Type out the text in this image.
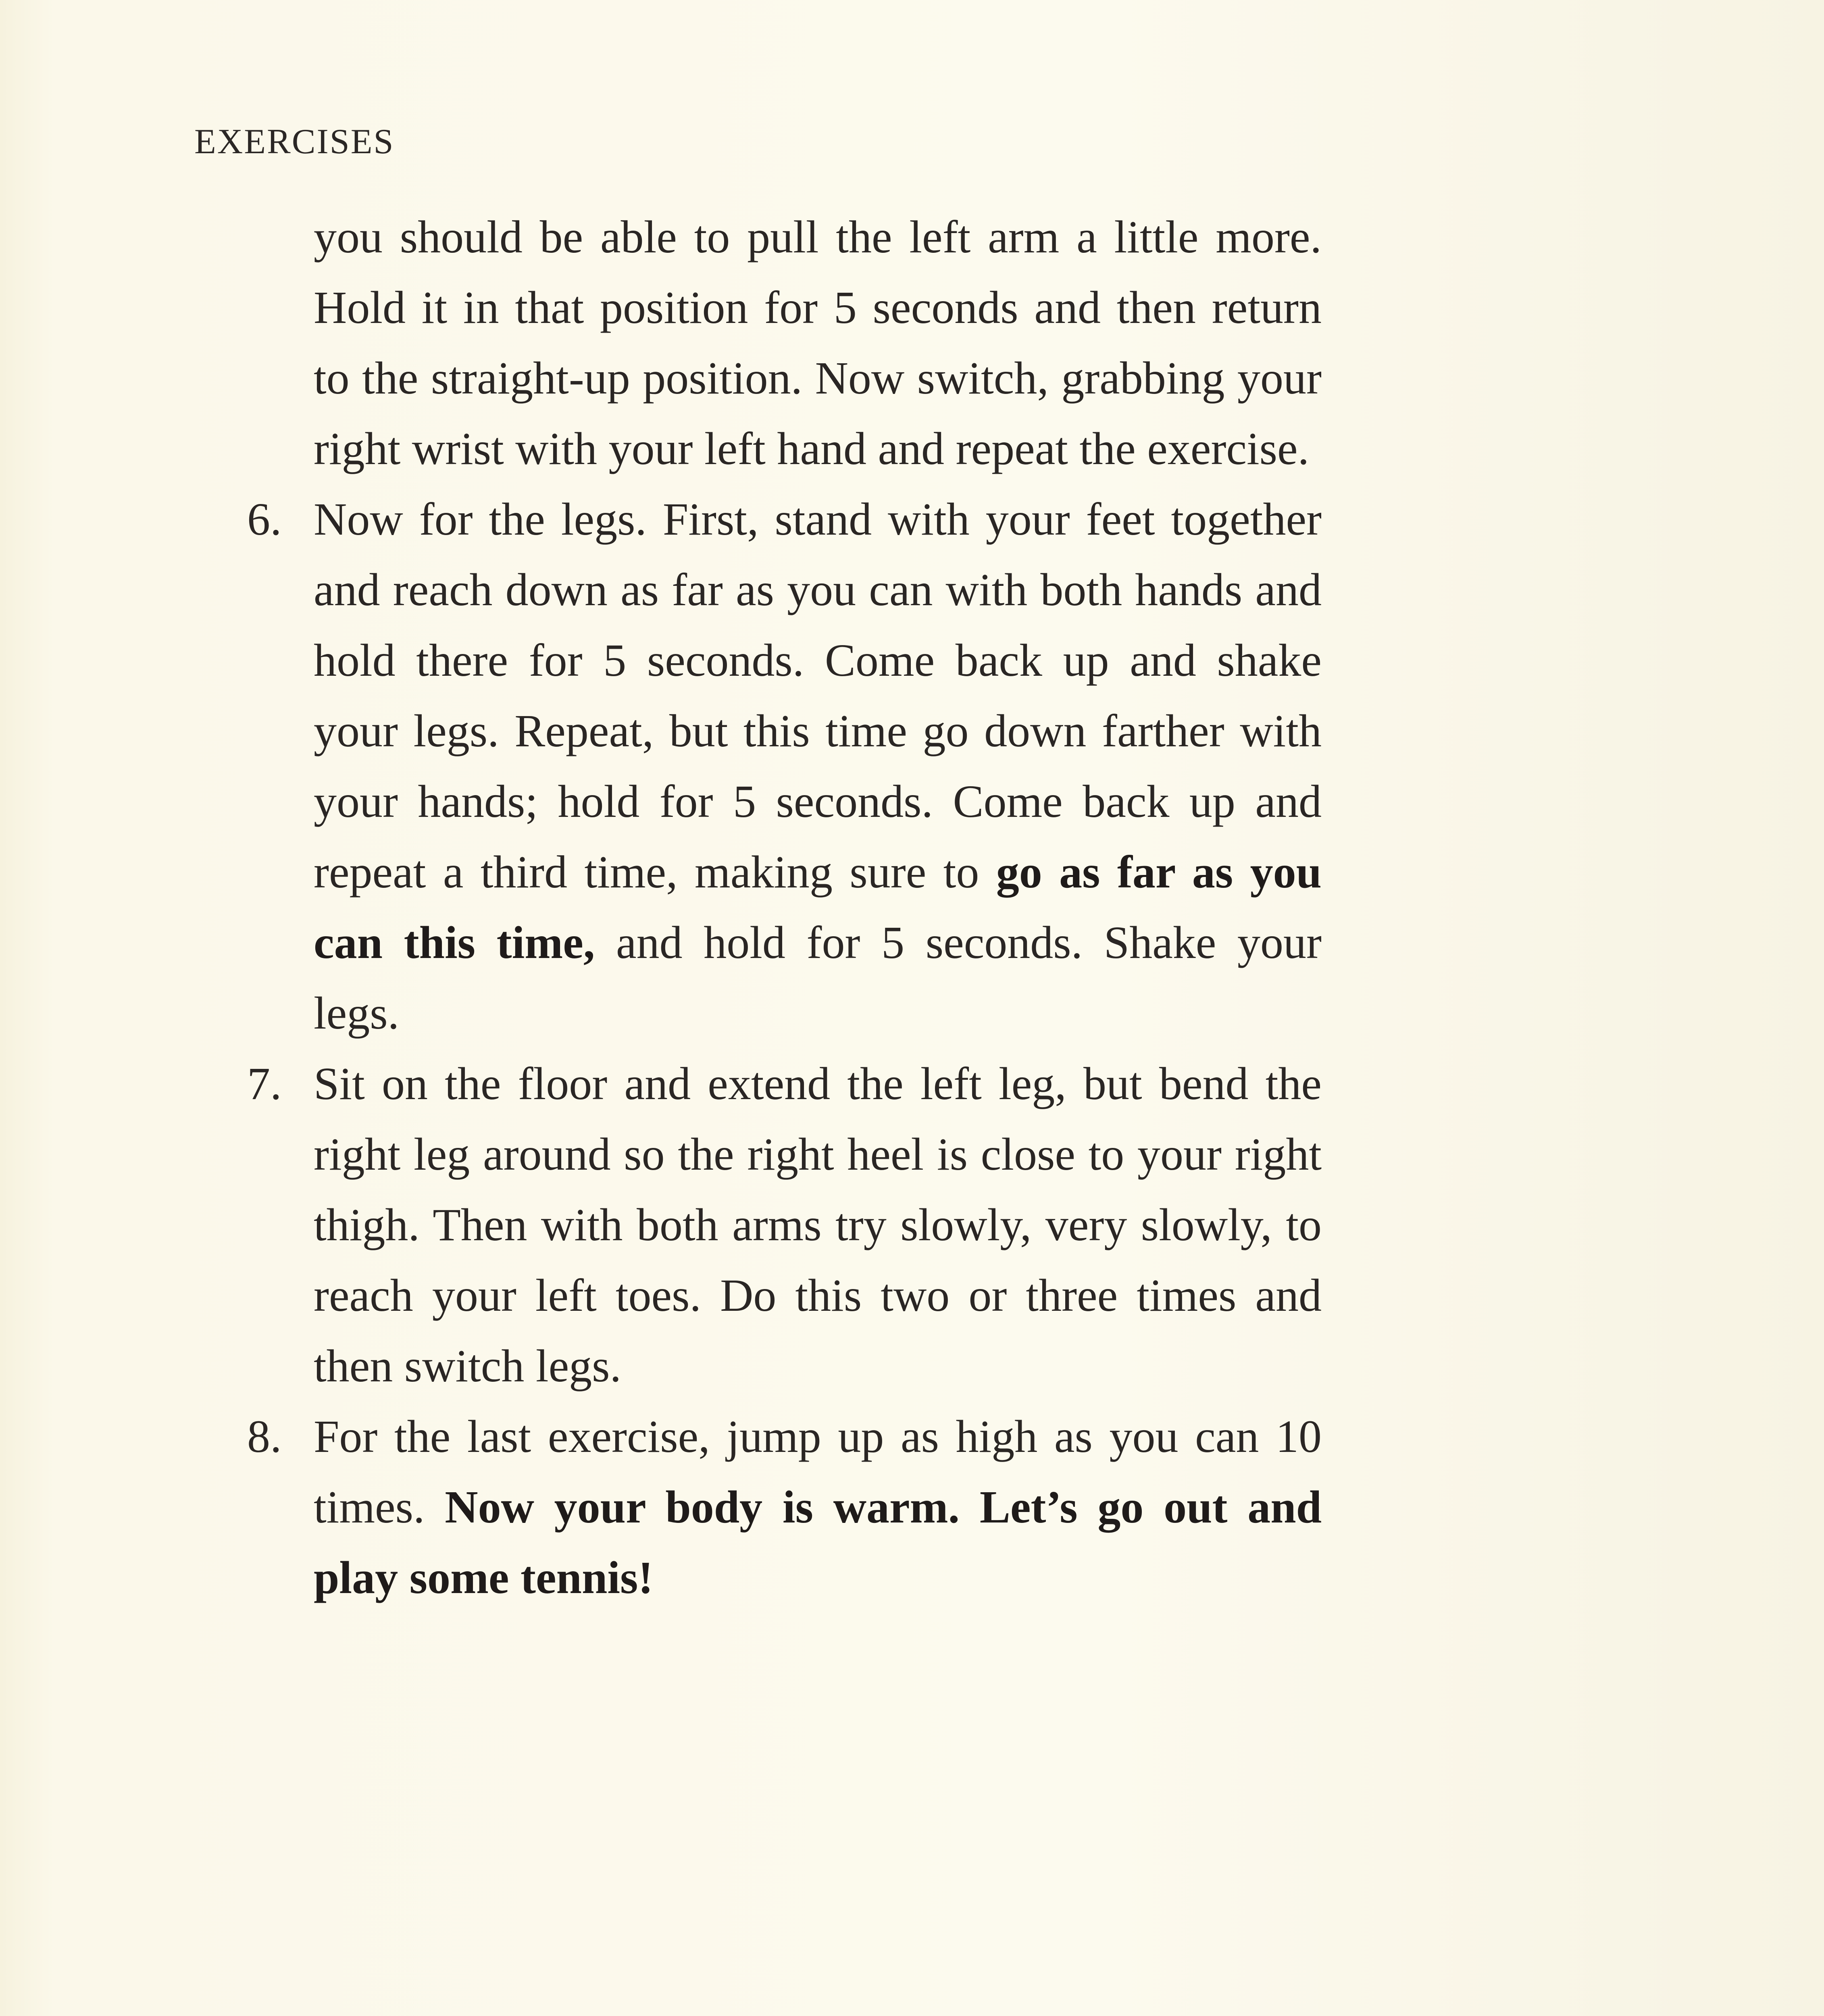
EXERCISES

you should be able to pull the left arm a little more. Hold it in that position for 5 seconds and then return to the straight-up position. Now switch, grabbing your right wrist with your left hand and repeat the exercise.

6. Now for the legs. First, stand with your feet together and reach down as far as you can with both hands and hold there for 5 seconds. Come back up and shake your legs. Repeat, but this time go down farther with your hands; hold for 5 seconds. Come back up and repeat a third time, making sure to go as far as you can this time, and hold for 5 seconds. Shake your legs.

7. Sit on the floor and extend the left leg, but bend the right leg around so the right heel is close to your right thigh. Then with both arms try slowly, very slowly, to reach your left toes. Do this two or three times and then switch legs.

8. For the last exercise, jump up as high as you can 10 times. Now your body is warm. Let’s go out and play some tennis!
